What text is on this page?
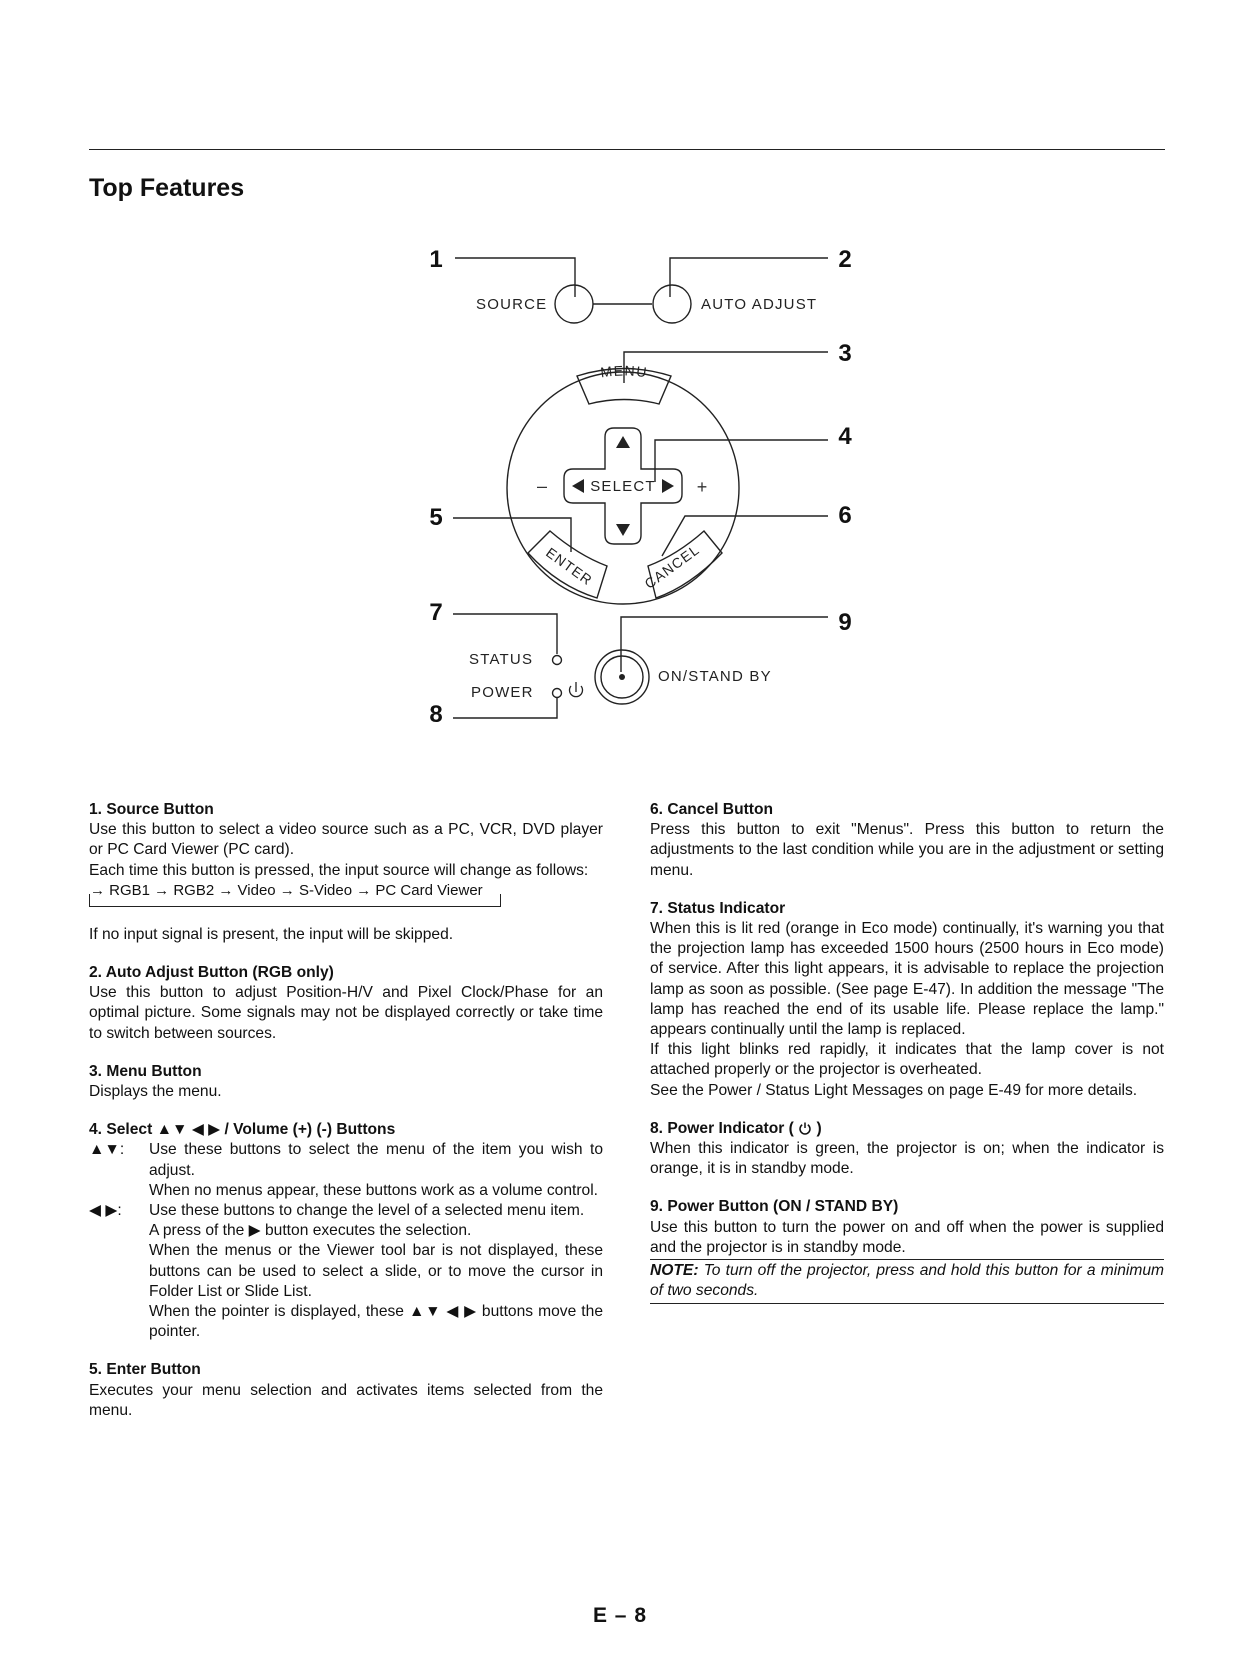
Top Features
SOURCE	AUTO ADJUST
SELECT
STATUS
POWER
ON/STAND BY
MENU
ENTER	CANCEL
–	+
1	2
3
4
5	6
7
8
9
1. Source Button

Use this button to select a video source such as a PC, VCR, DVD player or PC Card Viewer (PC card).

Each time this button is pressed, the input source will change as follows:

→ RGB1 → RGB2 → Video → S-Video → PC Card Viewer

If no input signal is present, the input will be skipped.

2. Auto Adjust Button (RGB only)

Use this button to adjust Position-H/V and Pixel Clock/Phase for an optimal picture. Some signals may not be displayed correctly or take time to switch between sources.

3. Menu Button

Displays the menu.

4. Select ▲▼ ◀ ▶ / Volume (+) (-) Buttons
▲▼:	Use these buttons to select the menu of the item you wish to adjust.

When no menus appear, these buttons work as a volume control.

◀ ▶:	Use these buttons to change the level of a selected menu item.

A press of the ▶ button executes the selection.

When the menus or the Viewer tool bar is not displayed, these buttons can be used to select a slide, or to move the cursor in Folder List or Slide List.

When the pointer is displayed, these ▲▼ ◀ ▶ buttons move the pointer.

5. Enter Button

Executes your menu selection and activates items selected from the menu.

6. Cancel Button

Press this button to exit "Menus". Press this button to return the adjustments to the last condition while you are in the adjustment or setting menu.

7. Status Indicator

When this is lit red (orange in Eco mode) continually, it's warning you that the projection lamp has exceeded 1500 hours (2500 hours in Eco mode) of service. After this light appears, it is advisable to replace the projection lamp as soon as possible. (See page E-47). In addition the message "The lamp has reached the end of its usable life. Please replace the lamp." appears continually until the lamp is replaced.

If this light blinks red rapidly, it indicates that the lamp cover is not attached properly or the projector is overheated.

See the Power / Status Light Messages on page E-49 for more details.

8. Power Indicator ( )

When this indicator is green, the projector is on; when the indicator is orange, it is in standby mode.

9. Power Button (ON / STAND BY)

Use this button to turn the power on and off when the power is supplied and the projector is in standby mode.

NOTE: To turn off the projector, press and hold this button for a minimum of two seconds.
E – 8
